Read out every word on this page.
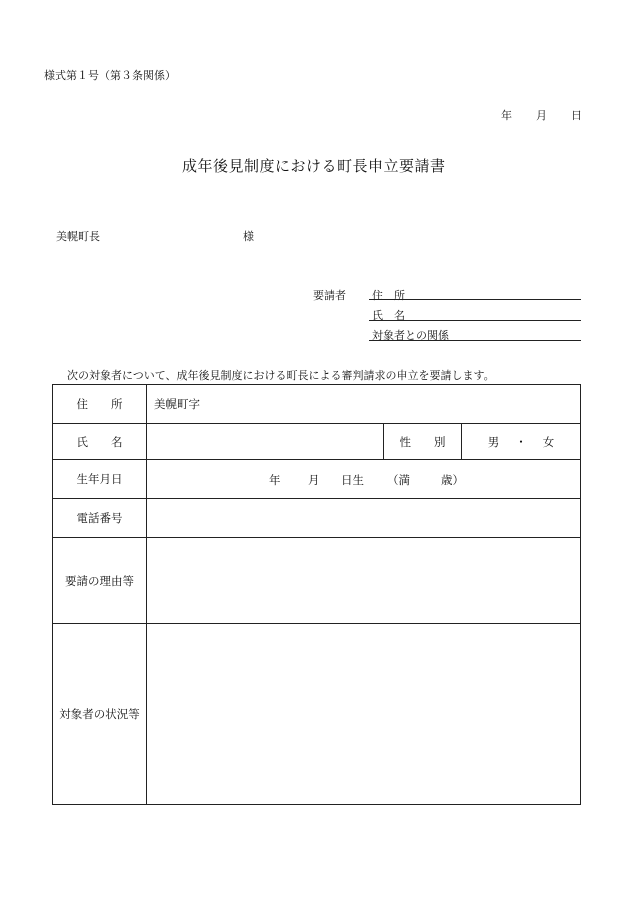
様式第１号（第３条関係）
年 月 日
成年後見制度における町長申立要請書
美幌町長	様
要請者 住　所
氏　名
対象者との関係
次の対象者について、成年後見制度における町長による審判請求の申立を要請します。
住　　所	美幌町字		
氏　　名		性　　別	男 ・ 女
生年月日	年 月 日生 （満 歳）		

電話番号			
要請の理由等			
対象者の状況等			
